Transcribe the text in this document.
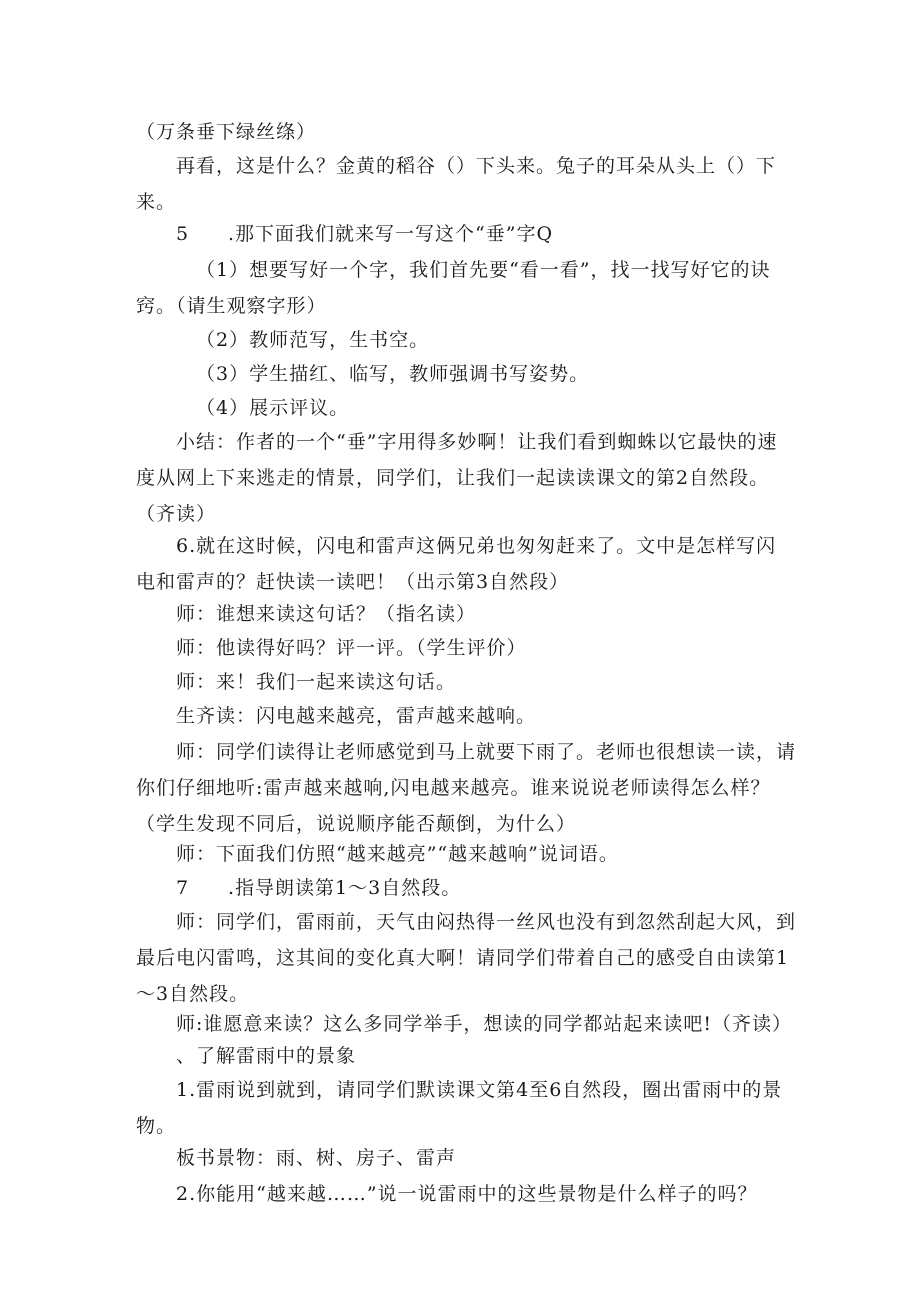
（万条垂下绿丝绦）

再看，这是什么？金黄的稻谷（）下头来。兔子的耳朵从头上（）下来。

5 .那下面我们就来写一写这个“垂”字Q

（1）想要写好一个字，我们首先要“看一看”，找一找写好它的诀窍。（请生观察字形）

（2）教师范写，生书空。

（3）学生描红、临写，教师强调书写姿势。

（4）展示评议。

小结：作者的一个“垂”字用得多妙啊！让我们看到蜘蛛以它最快的速度从网上下来逃走的情景，同学们，让我们一起读读课文的第2自然段。（齐读）

6.就在这时候，闪电和雷声这俩兄弟也匆匆赶来了。文中是怎样写闪电和雷声的？赶快读一读吧！（出示第3自然段）

师：谁想来读这句话？（指名读）

师：他读得好吗？评一评。（学生评价）

师：来！我们一起来读这句话。

生齐读：闪电越来越亮，雷声越来越响。

师：同学们读得让老师感觉到马上就要下雨了。老师也很想读一读，请你们仔细地听:雷声越来越响,闪电越来越亮。谁来说说老师读得怎么样？（学生发现不同后，说说顺序能否颠倒，为什么）

师：下面我们仿照“越来越亮”“越来越响”说词语。

7 .指导朗读第1～3自然段。

师：同学们，雷雨前，天气由闷热得一丝风也没有到忽然刮起大风，到最后电闪雷鸣，这其间的变化真大啊！请同学们带着自己的感受自由读第1～3自然段。

师:谁愿意来读？这么多同学举手，想读的同学都站起来读吧!（齐读）

、了解雷雨中的景象

1.雷雨说到就到，请同学们默读课文第4至6自然段，圈出雷雨中的景物。

板书景物：雨、树、房子、雷声

2.你能用“越来越……”说一说雷雨中的这些景物是什么样子的吗？
